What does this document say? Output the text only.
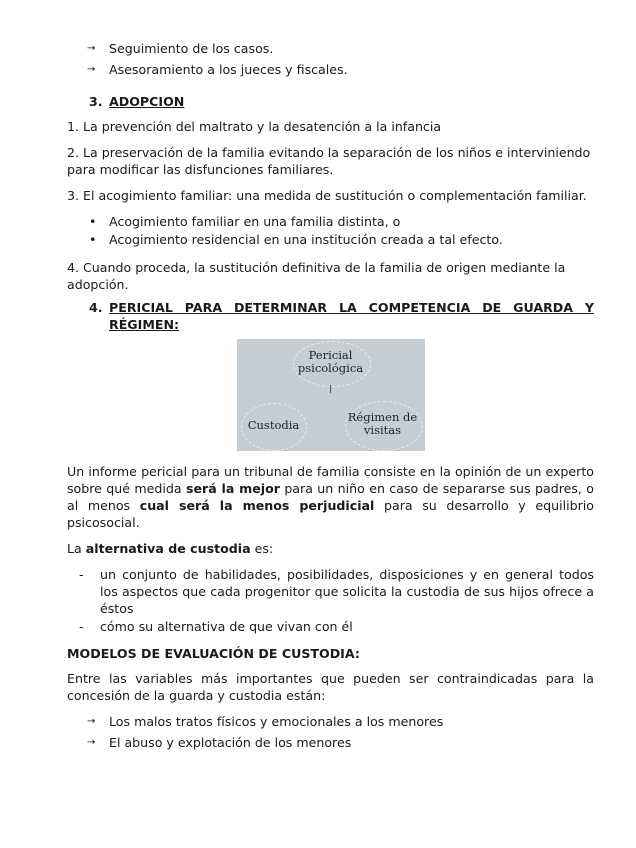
→ Seguimiento de los casos.
→ Asesoramiento a los jueces y fiscales.
3. ADOPCION

1. La prevención del maltrato y la desatención a la infancia

2. La preservación de la familia evitando la separación de los niños e interviniendo para modificar las disfunciones familiares.

3. El acogimiento familiar: una medida de sustitución o complementación familiar.

• Acogimiento familiar en una familia distinta, o
• Acogimiento residencial en una institución creada a tal efecto.

4. Cuando proceda, la sustitución definitiva de la familia de origen mediante la adopción.

4. PERICIAL PARA DETERMINAR LA COMPETENCIA DE GUARDA Y RÉGIMEN:
Pericial
psicológica
Custodia
Régimen de
visitas

Un informe pericial para un tribunal de familia consiste en la opinión de un experto sobre qué medida será la mejor para un niño en caso de separarse sus padres, o al menos cual será la menos perjudicial para su desarrollo y equilibrio psicosocial.

La alternativa de custodia es:

- un conjunto de habilidades, posibilidades, disposiciones y en general todos los aspectos que cada progenitor que solicita la custodia de sus hijos ofrece a éstos
- cómo su alternativa de que vivan con él
MODELOS DE EVALUACIÓN DE CUSTODIA:

Entre las variables más importantes que pueden ser contraindicadas para la concesión de la guarda y custodia están:

→ Los malos tratos físicos y emocionales a los menores
→ El abuso y explotación de los menores
